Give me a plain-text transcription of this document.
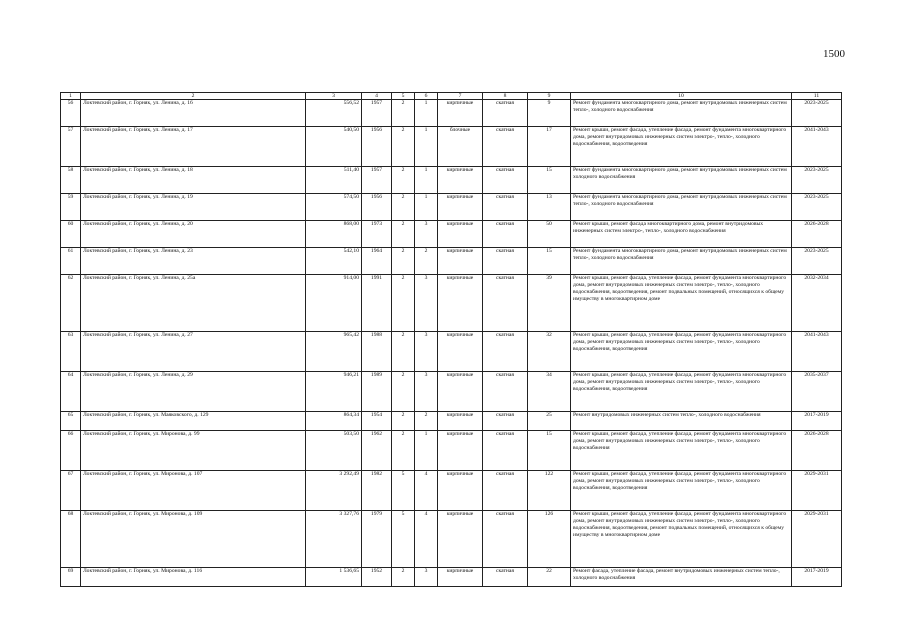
1500
1	2	3	4	5	6	7	8	9	10	11
56	Локтевский район, г. Горняк, ул. Ленина, д. 16	556,52	1957	2	1	кирпичные	скатная	9	Ремонт фундамента многоквартирного дома, ремонт внутридомовых инженерных систем тепло-, холодного водоснабжения	2023-2025
57	Локтевский район, г. Горняк, ул. Ленина, д. 17	540,50	1956	2	1	блочные	скатная	17	Ремонт крыши, ремонт фасада, утепление фасада, ремонт фундамента многоквартирного дома, ремонт внутридомовых инженерных систем электро-, тепло-, холодного водоснабжения, водоотведения	2041-2043
58	Локтевский район, г. Горняк, ул. Ленина, д. 18	511,40	1957	2	1	кирпичные	скатная	15	Ремонт фундамента многоквартирного дома, ремонт внутридомовых инженерных систем холодного водоснабжения	2023-2025
59	Локтевский район, г. Горняк, ул. Ленина, д. 19	574,50	1956	2	1	кирпичные	скатная	13	Ремонт фундамента многоквартирного дома, ремонт внутридомовых инженерных систем тепло-, холодного водоснабжения	2023-2025
60	Локтевский район, г. Горняк, ул. Ленина, д. 20	868,00	1973	2	3	кирпичные	скатная	50	Ремонт крыши, ремонт фасада многоквартирного дома, ремонт внутридомовых инженерных систем электро-, тепло-, холодного водоснабжения	2026-2028
61	Локтевский район, г. Горняк, ул. Ленина, д. 23	542,10	1964	2	2	кирпичные	скатная	15	Ремонт фундамента многоквартирного дома, ремонт внутридомовых инженерных систем тепло-, холодного водоснабжения	2023-2025
62	Локтевский район, г. Горняк, ул. Ленина, д. 25а	914,00	1991	2	3	кирпичные	скатная	39	Ремонт крыши, ремонт фасада, утепление фасада, ремонт фундамента многоквартирного дома, ремонт внутридомовых инженерных систем электро-, тепло-, холодного водоснабжения, водоотведения, ремонт подвальных помещений, относящихся к общему имуществу в многоквартирном доме	2032-2034
63	Локтевский район, г. Горняк, ул. Ленина, д. 27	965,42	1988	2	3	кирпичные	скатная	32	Ремонт крыши, ремонт фасада, утепление фасада, ремонт фундамента многоквартирного дома, ремонт внутридомовых инженерных систем электро-, тепло-, холодного водоснабжения, водоотведения	2041-2043
64	Локтевский район, г. Горняк, ул. Ленина, д. 29	946,21	1989	2	3	кирпичные	скатная	34	Ремонт крыши, ремонт фасада, утепление фасада, ремонт фундамента многоквартирного дома, ремонт внутридомовых инженерных систем электро-, тепло-, холодного водоснабжения, водоотведения	2035-2037
65	Локтевский район, г. Горняк, ул. Маяковского, д. 129	864,34	1954	2	2	кирпичные	скатная	25	Ремонт внутридомовых инженерных систем тепло-, холодного водоснабжения	2017-2019
66	Локтевский район, г. Горняк, ул. Миронова, д. 99	503,50	1962	2	1	кирпичные	скатная	15	Ремонт крыши, ремонт фасада, утепление фасада, ремонт фундамента многоквартирного дома, ремонт внутридомовых инженерных систем электро-, тепло-, холодного водоснабжения	2026-2028
67	Локтевский район, г. Горняк, ул. Миронова, д. 107	3 292,49	1982	5	4	кирпичные	скатная	122	Ремонт крыши, ремонт фасада, утепление фасада, ремонт фундамента многоквартирного дома, ремонт внутридомовых инженерных систем электро-, тепло-, холодного водоснабжения, водоотведения	2029-2031
68	Локтевский район, г. Горняк, ул. Миронова, д. 109	3 327,76	1979	5	4	кирпичные	скатная	126	Ремонт крыши, ремонт фасада, утепление фасада, ремонт фундамента многоквартирного дома, ремонт внутридомовых инженерных систем электро-, тепло-, холодного водоснабжения, водоотведения, ремонт подвальных помещений, относящихся к общему имуществу в многоквартирном доме	2029-2031
69	Локтевский район, г. Горняк, ул. Миронова, д. 116	1 536,65	1952	2	3	кирпичные	скатная	22	Ремонт фасада, утепление фасада, ремонт внутридомовых инженерных систем тепло-, холодного водоснабжения	2017-2019
